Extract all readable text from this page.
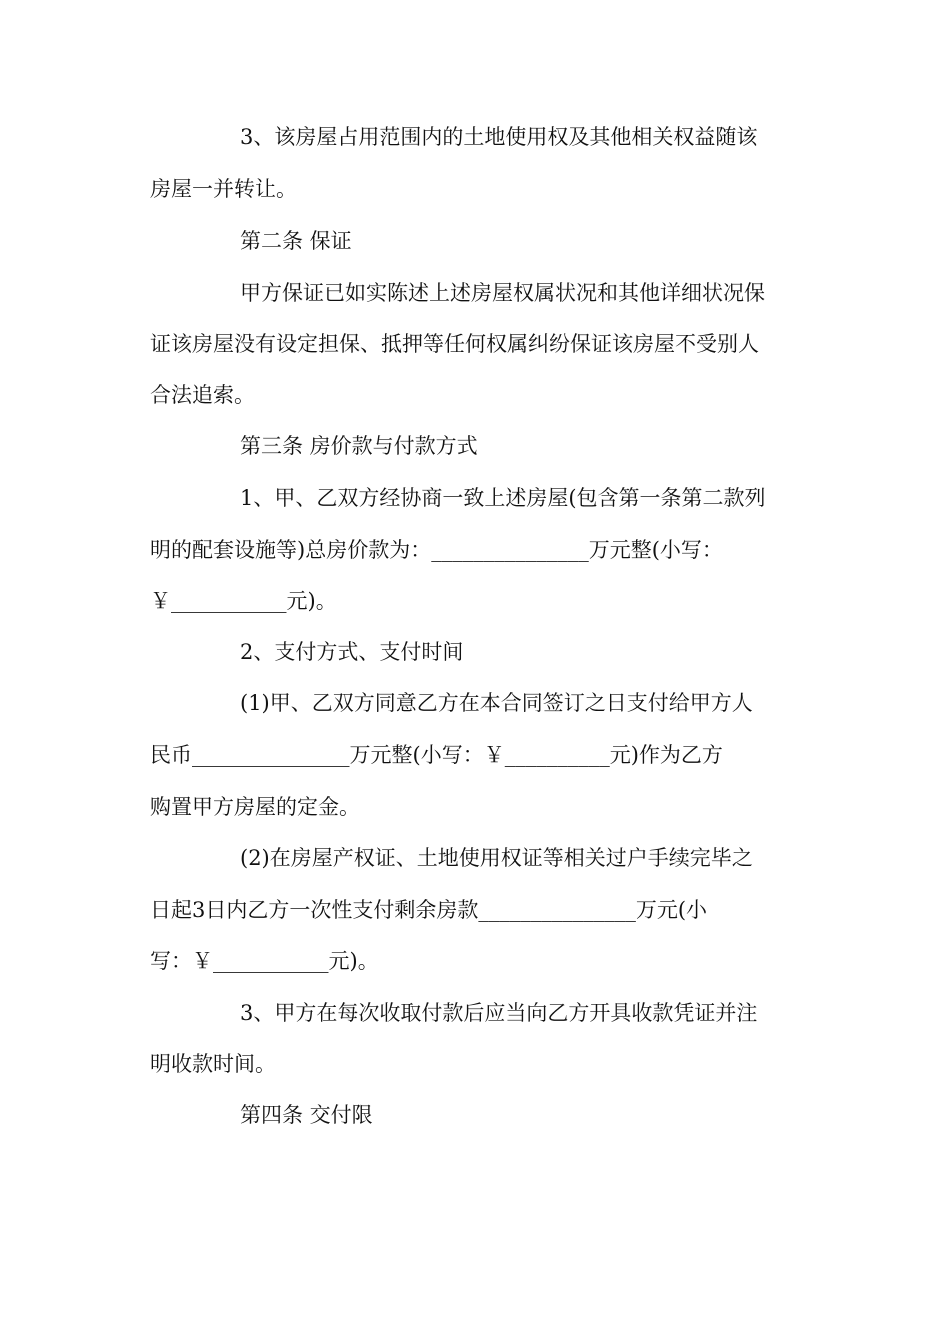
3、该房屋占用范围内的土地使用权及其他相关权益随该
房屋一并转让。
第二条 保证
甲方保证已如实陈述上述房屋权属状况和其他详细状况保
证该房屋没有设定担保、抵押等任何权属纠纷保证该房屋不受别人
合法追索。
第三条 房价款与付款方式
1、甲、乙双方经协商一致上述房屋(包含第一条第二款列
明的配套设施等)总房价款为：_______________万元整(小写：
￥___________元)。
2、支付方式、支付时间
(1)甲、乙双方同意乙方在本合同签订之日支付给甲方人
民币_______________万元整(小写：￥__________元)作为乙方
购置甲方房屋的定金。
(2)在房屋产权证、土地使用权证等相关过户手续完毕之
日起3日内乙方一次性支付剩余房款_______________万元(小
写：￥___________元)。
3、甲方在每次收取付款后应当向乙方开具收款凭证并注
明收款时间。
第四条 交付限
